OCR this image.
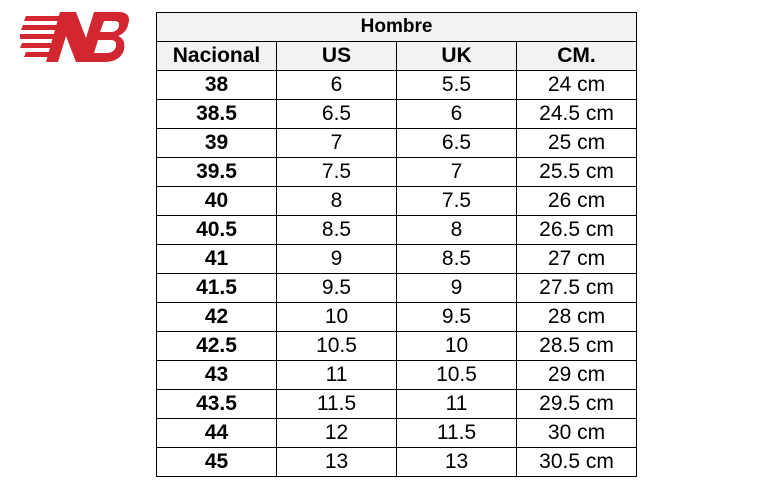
Hombre			
Nacional	US	UK	CM.
38	6	5.5	24 cm
38.5	6.5	6	24.5 cm
39	7	6.5	25 cm
39.5	7.5	7	25.5 cm
40	8	7.5	26 cm
40.5	8.5	8	26.5 cm
41	9	8.5	27 cm
41.5	9.5	9	27.5 cm
42	10	9.5	28 cm
42.5	10.5	10	28.5 cm
43	11	10.5	29 cm
43.5	11.5	11	29.5 cm
44	12	11.5	30 cm
45	13	13	30.5 cm
